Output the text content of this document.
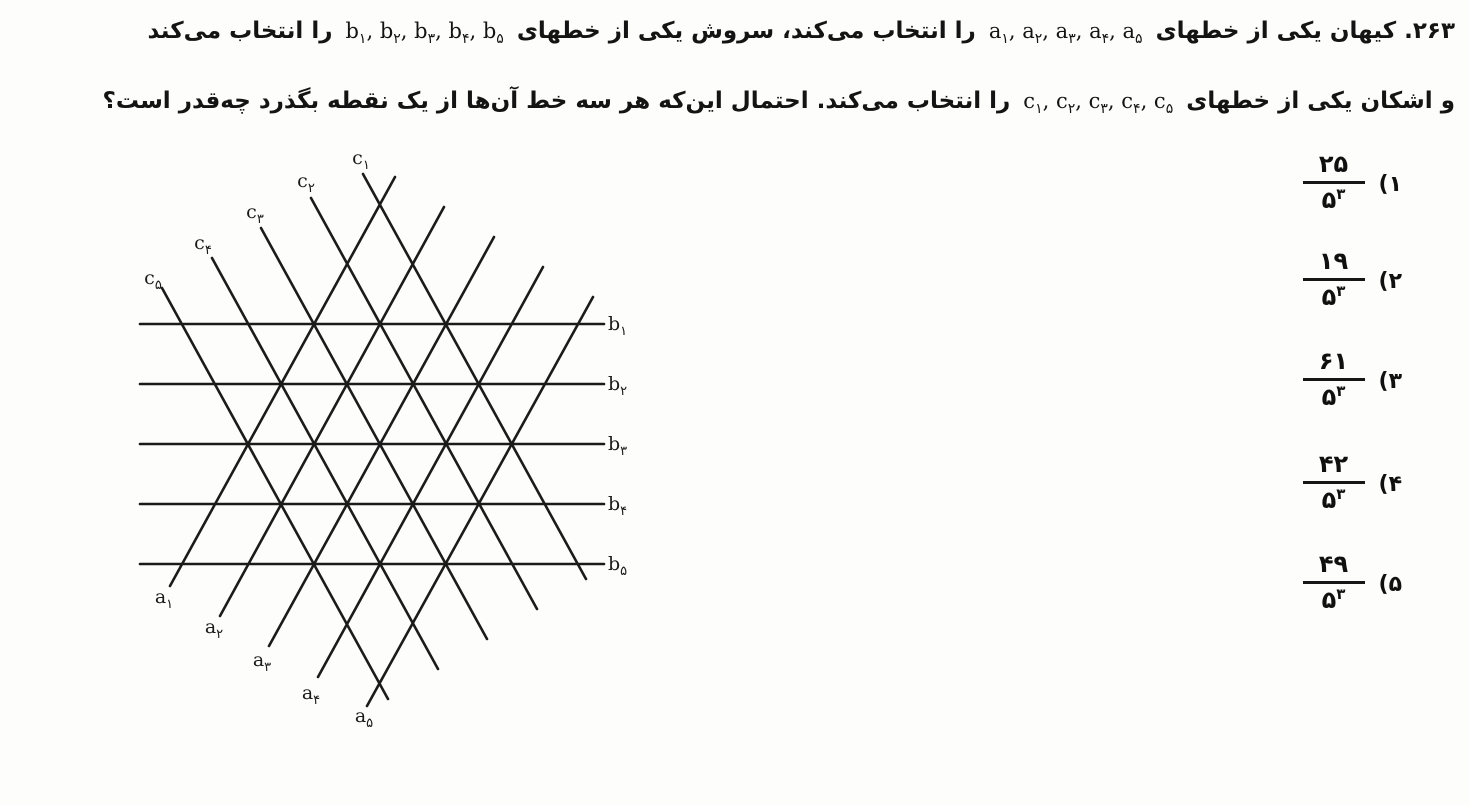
۲۶۳. کیهان یکی از خطهای $a_۱$, $a_۲$, $a_۳$, $a_۴$, $a_۵$ را انتخاب می‌کند، سروش یکی از خطهای $b_۱$, $b_۲$, $b_۳$, $b_۴$, $b_۵$ را انتخاب می‌کند

و اشکان یکی از خطهای $c_۱$, $c_۲$, $c_۳$, $c_۴$, $c_۵$ را انتخاب می‌کند. احتمال این‌که هر سه خط آن‌ها از یک نقطه بگذرد چه‌قدر است؟

$b_۱$
$b_۲$
$b_۳$
$b_۴$
$b_۵$
$a_۱$
$a_۲$
$a_۳$
$a_۴$
$a_۵$
$c_۱$
$c_۲$
$c_۳$
$c_۴$
$c_۵$
$\frac{۲۵}{۵^۳}$ (۱
$\frac{۱۹}{۵^۳}$ (۲
$\frac{۶۱}{۵^۳}$ (۳
$\frac{۴۲}{۵^۳}$ (۴
$\frac{۴۹}{۵^۳}$ (۵
